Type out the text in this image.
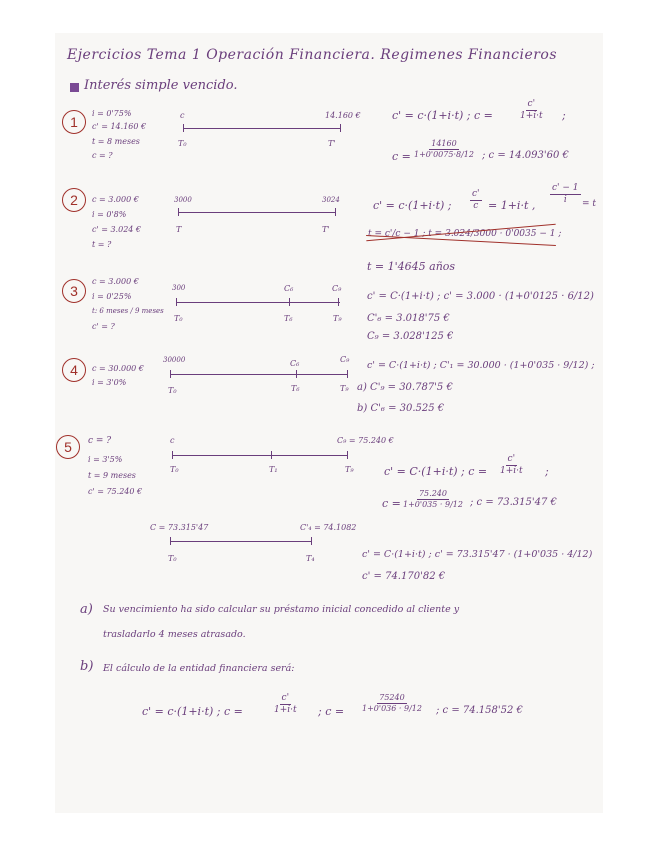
Ejercicios Tema 1 Operación Financiera. Regimenes Financieros
Interés simple vencido.
1
i = 0'75%
c' = 14.160 €
t = 8 meses
c = ?
c	14.160 €
T₀	T'
c' = c·(1+i·t) ; c =	$\frac{c'}{1+i\cdot t}$ ;
$c = \frac{14160}{1+0'0075\cdot 8/12}$ ; c = 14.093'60 €
2	c = 3.000 €
i = 0'8%
c' = 3.024 €
t = ?
3000	3024
T	T'
c' = c·(1+i·t) ; $\frac{c'}{c} = 1+i\cdot t$ ,
$\frac{c' - 1}{i} = t$
t = c'/c − 1 ; t = 3.024/3000 · 0'0035 − 1 ;
t = 1'4645 años
3
c = 3.000 €
i = 0'25%
t: 6 meses / 9 meses
c' = ?
300	C₆	C₉
T₀	T₆	T₉
c' = C·(1+i·t) ; c' = 3.000 · (1+0'0125 · 6/12)
C'₆ = 3.018'75 €
C₉ = 3.028'125 €
4	c = 30.000 €
i = 3'0%
30000	C₆	C₉
T₀	T₆	T₉
c' = C·(1+i·t) ; C'₁ = 30.000 · (1+0'035 · 9/12) ;
a) C'₉ = 30.787'5 €
b) C'₆ = 30.525 €
5	c = ?
i = 3'5%
t = 9 meses
c' = 75.240 €
c	C₉ = 75.240 €
T₀	T₁	T₉	c' = C·(1+i·t) ; $c = \frac{c'}{1+i\cdot t}$ ;
$c = \frac{75.240}{1+0'035 \cdot 9/12}$ ; c = 73.315'47 €
C = 73.315'47	C'₄ = 74.1082
T₀	T₄	c' = C·(1+i·t) ; c' = 73.315'47 · (1+0'035 · 4/12)
c' = 74.170'82 €
a) Su vencimiento ha sido calcular su préstamo inicial concedido al cliente y
trasladarlo 4 meses atrasado.
b) El cálculo de la entidad financiera será:
c' = c·(1+i·t) ; c =	$\frac{c'}{1+i\cdot t}$ ; $c = \frac{75240}{1+0'036 \cdot 9/12}$ ; c = 74.158'52 €
